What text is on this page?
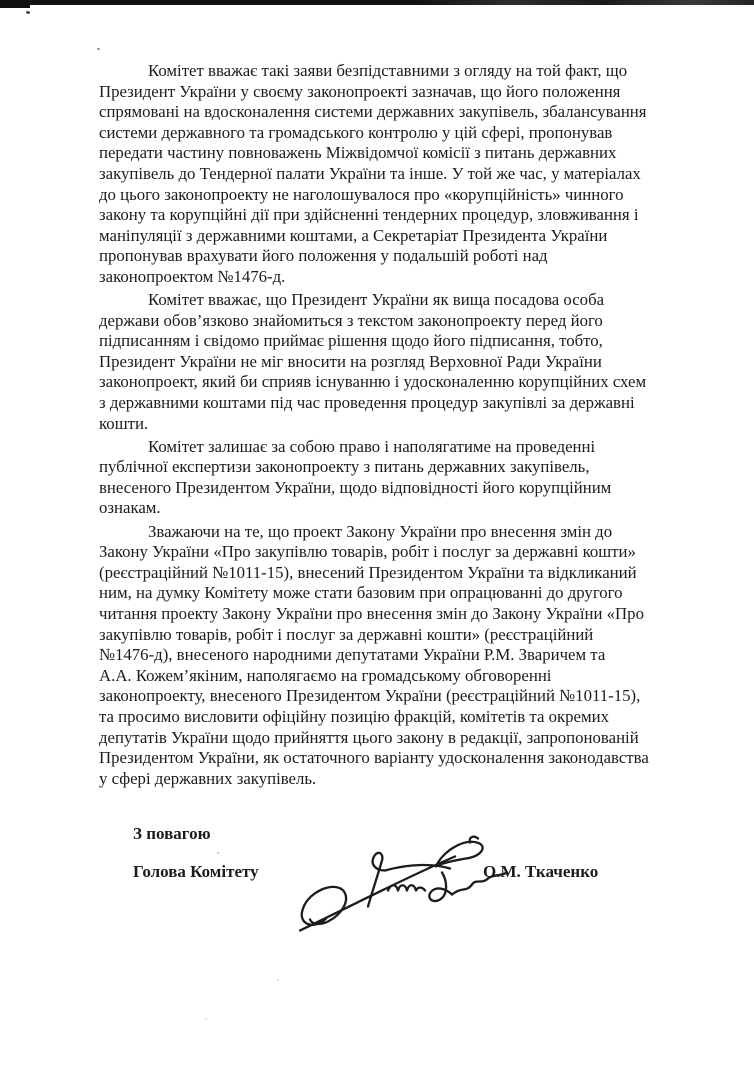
Комітет вважає такі заяви безпідставними з огляду на той факт, що
Президент України у своєму законопроекті зазначав, що його положення
спрямовані на вдосконалення системи державних закупівель, збалансування
системи державного та громадського контролю у цій сфері, пропонував
передати частину повноважень Міжвідомчої комісії з питань державних
закупівель до Тендерної палати України та інше. У той же час, у матеріалах
до цього законопроекту не наголошувалося про «корупційність» чинного
закону та корупційні дії при здійсненні тендерних процедур, зловживання і
маніпуляції з державними коштами, а Секретаріат Президента України
пропонував врахувати його положення у подальшій роботі над
законопроектом №1476-д.
Комітет вважає, що Президент України як вища посадова особа
держави обов’язково знайомиться з текстом законопроекту перед його
підписанням і свідомо приймає рішення щодо його підписання, тобто,
Президент України не міг вносити на розгляд Верховної Ради України
законопроект, який би сприяв існуванню і удосконаленню корупційних схем
з державними коштами під час проведення процедур закупівлі за державні
кошти.
Комітет залишає за собою право і наполягатиме на проведенні
публічної експертизи законопроекту з питань державних закупівель,
внесеного Президентом України, щодо відповідності його корупційним
ознакам.
Зважаючи на те, що проект Закону України про внесення змін до
Закону України «Про закупівлю товарів, робіт і послуг за державні кошти»
(реєстраційний №1011-15), внесений Президентом України та відкликаний
ним, на думку Комітету може стати базовим при опрацюванні до другого
читання проекту Закону України про внесення змін до Закону України «Про
закупівлю товарів, робіт і послуг за державні кошти» (реєстраційний
№1476-д), внесеного народними депутатами України Р.М. Зваричем та
А.А. Кожем’якіним, наполягаємо на громадському обговоренні
законопроекту, внесеного Президентом України (реєстраційний №1011-15),
та просимо висловити офіційну позицію фракцій, комітетів та окремих
депутатів України щодо прийняття цього закону в редакції, запропонованій
Президентом України, як остаточного варіанту удосконалення законодавства
у сфері державних закупівель.
З повагою
Голова Комітету	О.М. Ткаченко
